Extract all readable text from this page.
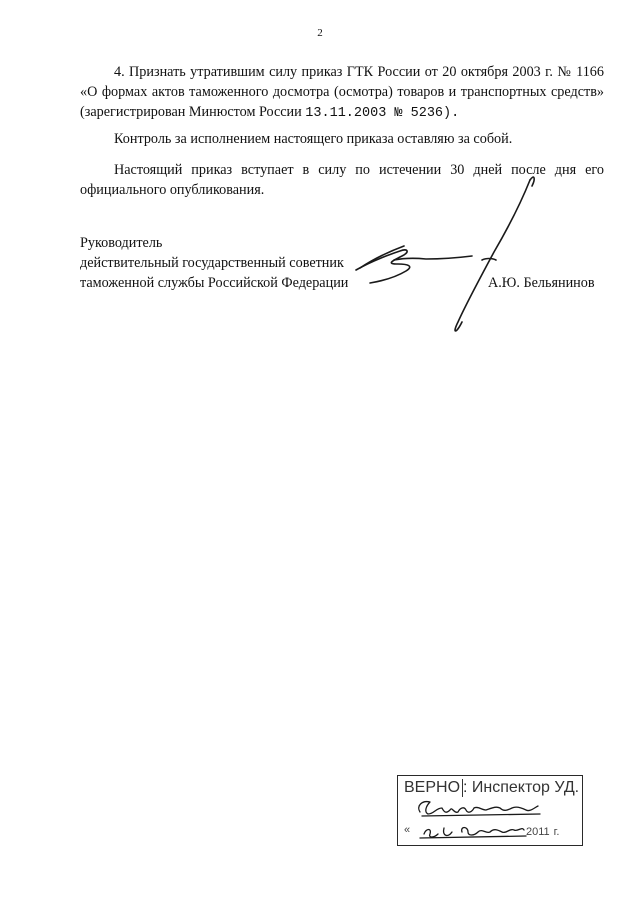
2
4. Признать утратившим силу приказ ГТК России от 20 октября 2003 г. № 1166 «О формах актов таможенного досмотра (осмотра) товаров и транспортных средств» (зарегистрирован Минюстом России 13.11.2003 № 5236).
Контроль за исполнением настоящего приказа оставляю за собой.
Настоящий приказ вступает в силу по истечении 30 дней после дня его официального опубликования.
Руководитель
действительный государственный советник
таможенной службы Российской Федерации	А.Ю. Бельянинов
ВЕРНО : Инспектор УД.
«	2011 г.
